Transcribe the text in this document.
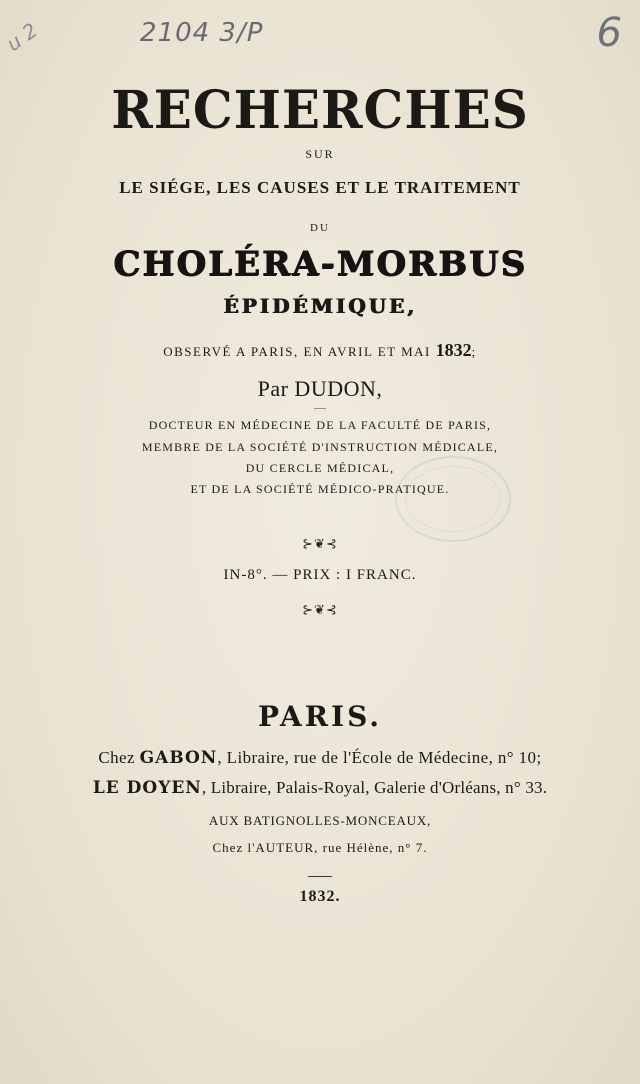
2104 3/P	6
u 2
RECHERCHES
SUR
LE SIÉGE, LES CAUSES ET LE TRAITEMENT
DU
CHOLÉRA-MORBUS
ÉPIDÉMIQUE,
OBSERVÉ A PARIS, EN AVRIL ET MAI 1832;
Par DUDON,
DOCTEUR EN MÉDECINE DE LA FACULTÉ DE PARIS,
MEMBRE DE LA SOCIÉTÉ D'INSTRUCTION MÉDICALE,
DU CERCLE MÉDICAL,
ET DE LA SOCIÉTÉ MÉDICO-PRATIQUE.
⊱❦⊰
IN-8°. — PRIX : I FRANC.
⊱❦⊰
PARIS.
Chez GABON, Libraire, rue de l'École de Médecine, n° 10;
LE DOYEN, Libraire, Palais-Royal, Galerie d'Orléans, n° 33.
AUX BATIGNOLLES-MONCEAUX,
Chez l'AUTEUR, rue Hélène, n° 7.
1832.
